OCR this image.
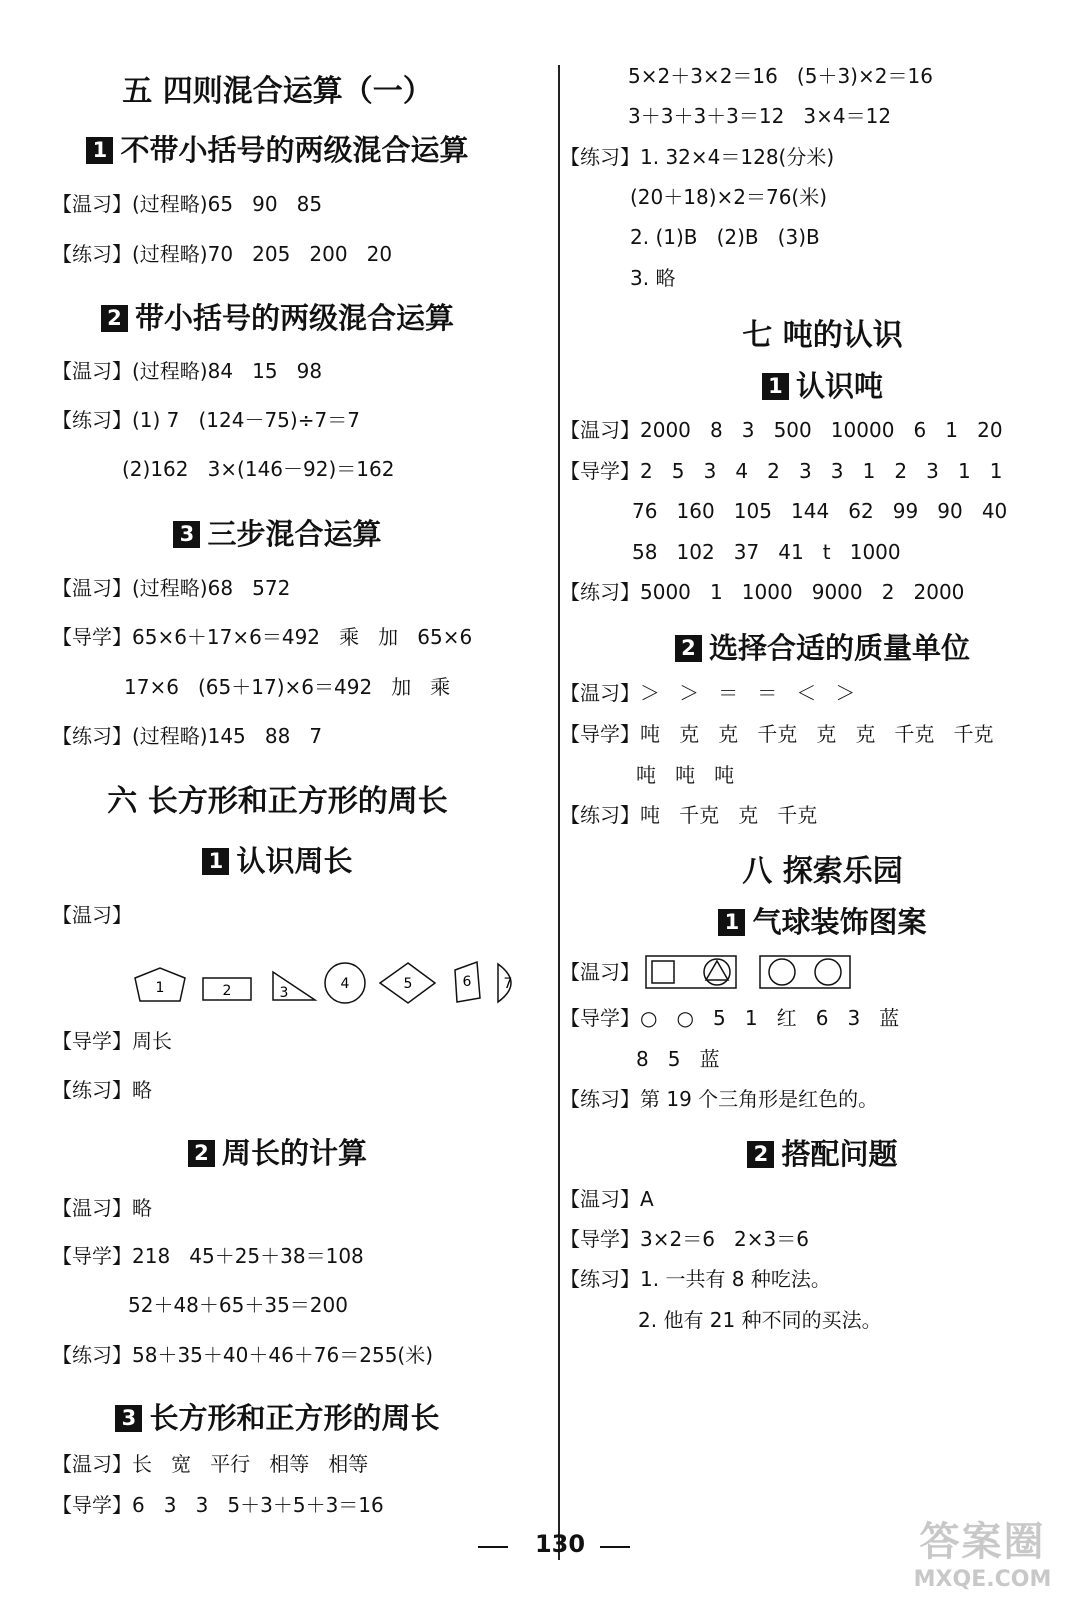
五 四则混合运算（一）
1 不带小括号的两级混合运算
【温习】(过程略)65   90   85
【练习】(过程略)70   205   200   20
2 带小括号的两级混合运算
【温习】(过程略)84   15   98
【练习】(1) 7   (124－75)÷7＝7
(2)162   3×(146－92)＝162
3 三步混合运算
【温习】(过程略)68   572
【导学】65×6＋17×6＝492   乘   加   65×6
17×6   (65＋17)×6＝492   加   乘
【练习】(过程略)145   88   7
六 长方形和正方形的周长
1 认识周长
【温习】
1	2	3
4	5	6 7
【导学】周长
【练习】略
2 周长的计算
【温习】略
【导学】218   45＋25＋38＝108
52＋48＋65＋35＝200
【练习】58＋35＋40＋46＋76＝255(米)
3 长方形和正方形的周长
【温习】长   宽   平行   相等   相等
【导学】6   3   3   5＋3＋5＋3＝16
5×2＋3×2＝16   (5＋3)×2＝16
3＋3＋3＋3＝12   3×4＝12
【练习】1. 32×4＝128(分米)
(20＋18)×2＝76(米)
2. (1)B   (2)B   (3)B
3. 略
七 吨的认识
1 认识吨
【温习】2000   8   3   500   10000   6   1   20
【导学】2   5   3   4   2   3   3   1   2   3   1   1
76   160   105   144   62   99   90   40
58   102   37   41   t   1000
【练习】5000   1   1000   9000   2   2000
2 选择合适的质量单位
【温习】＞   ＞   ＝   ＝   ＜   ＞
【导学】吨   克   克   千克   克   克   千克   千克
吨   吨   吨
【练习】吨   千克   克   千克
八 探索乐园
1 气球装饰图案
【温习】
【导学】○   ○   5   1   红   6   3   蓝
8   5   蓝
【练习】第 19 个三角形是红色的。
2 搭配问题
【温习】A
【导学】3×2＝6   2×3＝6
【练习】1. 一共有 8 种吃法。
2. 他有 21 种不同的买法。
130	答案圈
MXQE.COM
